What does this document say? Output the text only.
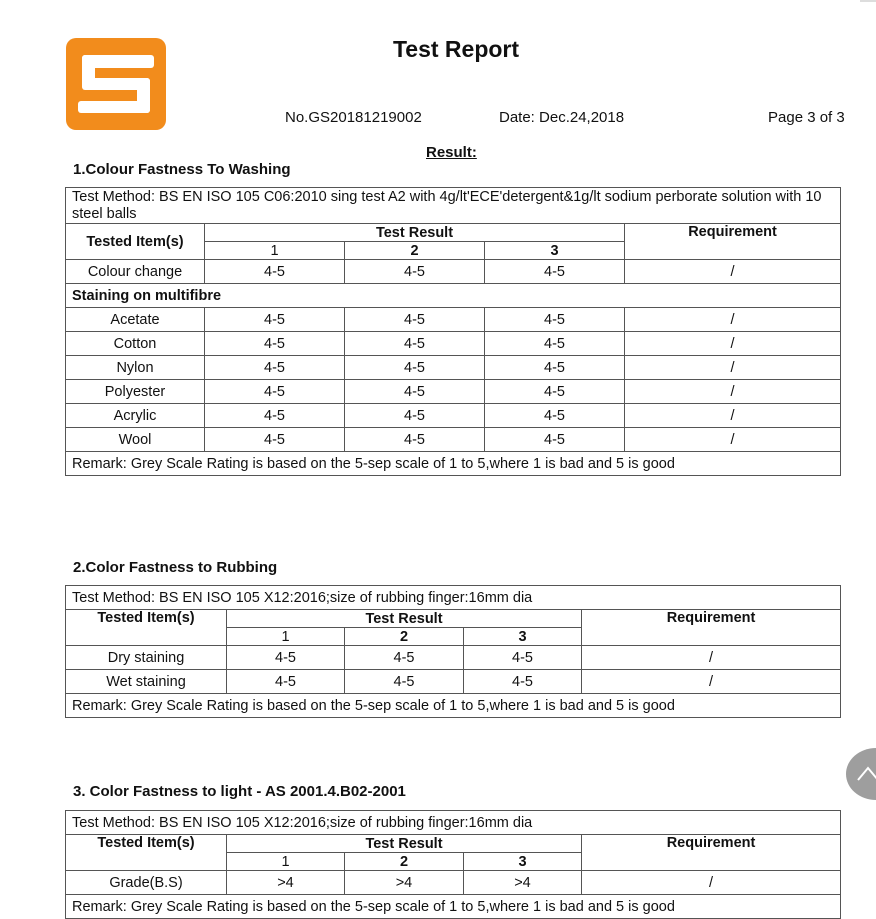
Test Report
No.GS20181219002	Date: Dec.24,2018	Page 3 of 3
Result:
1.Colour Fastness To Washing
Test Method: BS EN ISO 105 C06:2010 sing test A2 with 4g/lt'ECE'detergent&1g/lt sodium perborate solution with 10 steel balls				
Tested Item(s)	Test Result			Requirement
	1	2	3	
Colour change	4-5	4-5	4-5	/
Staining on multifibre				
Acetate	4-5	4-5	4-5	/
Cotton	4-5	4-5	4-5	/
Nylon	4-5	4-5	4-5	/
Polyester	4-5	4-5	4-5	/
Acrylic	4-5	4-5	4-5	/
Wool	4-5	4-5	4-5	/
Remark: Grey Scale Rating is based on the 5-sep scale of 1 to 5,where 1 is bad and 5 is good				
2.Color Fastness to Rubbing
Test Method: BS EN ISO 105 X12:2016;size of rubbing finger:16mm dia				
Tested Item(s)	Test Result			Requirement
	1	2	3	
Dry staining	4-5	4-5	4-5	/
Wet staining	4-5	4-5	4-5	/
Remark: Grey Scale Rating is based on the 5-sep scale of 1 to 5,where 1 is bad and 5 is good				
3. Color Fastness to light - AS 2001.4.B02-2001
Test Method: BS EN ISO 105 X12:2016;size of rubbing finger:16mm dia				
Tested Item(s)	Test Result			Requirement
	1	2	3	
Grade(B.S)	>4	>4	>4	/
Remark: Grey Scale Rating is based on the 5-sep scale of 1 to 5,where 1 is bad and 5 is good				
